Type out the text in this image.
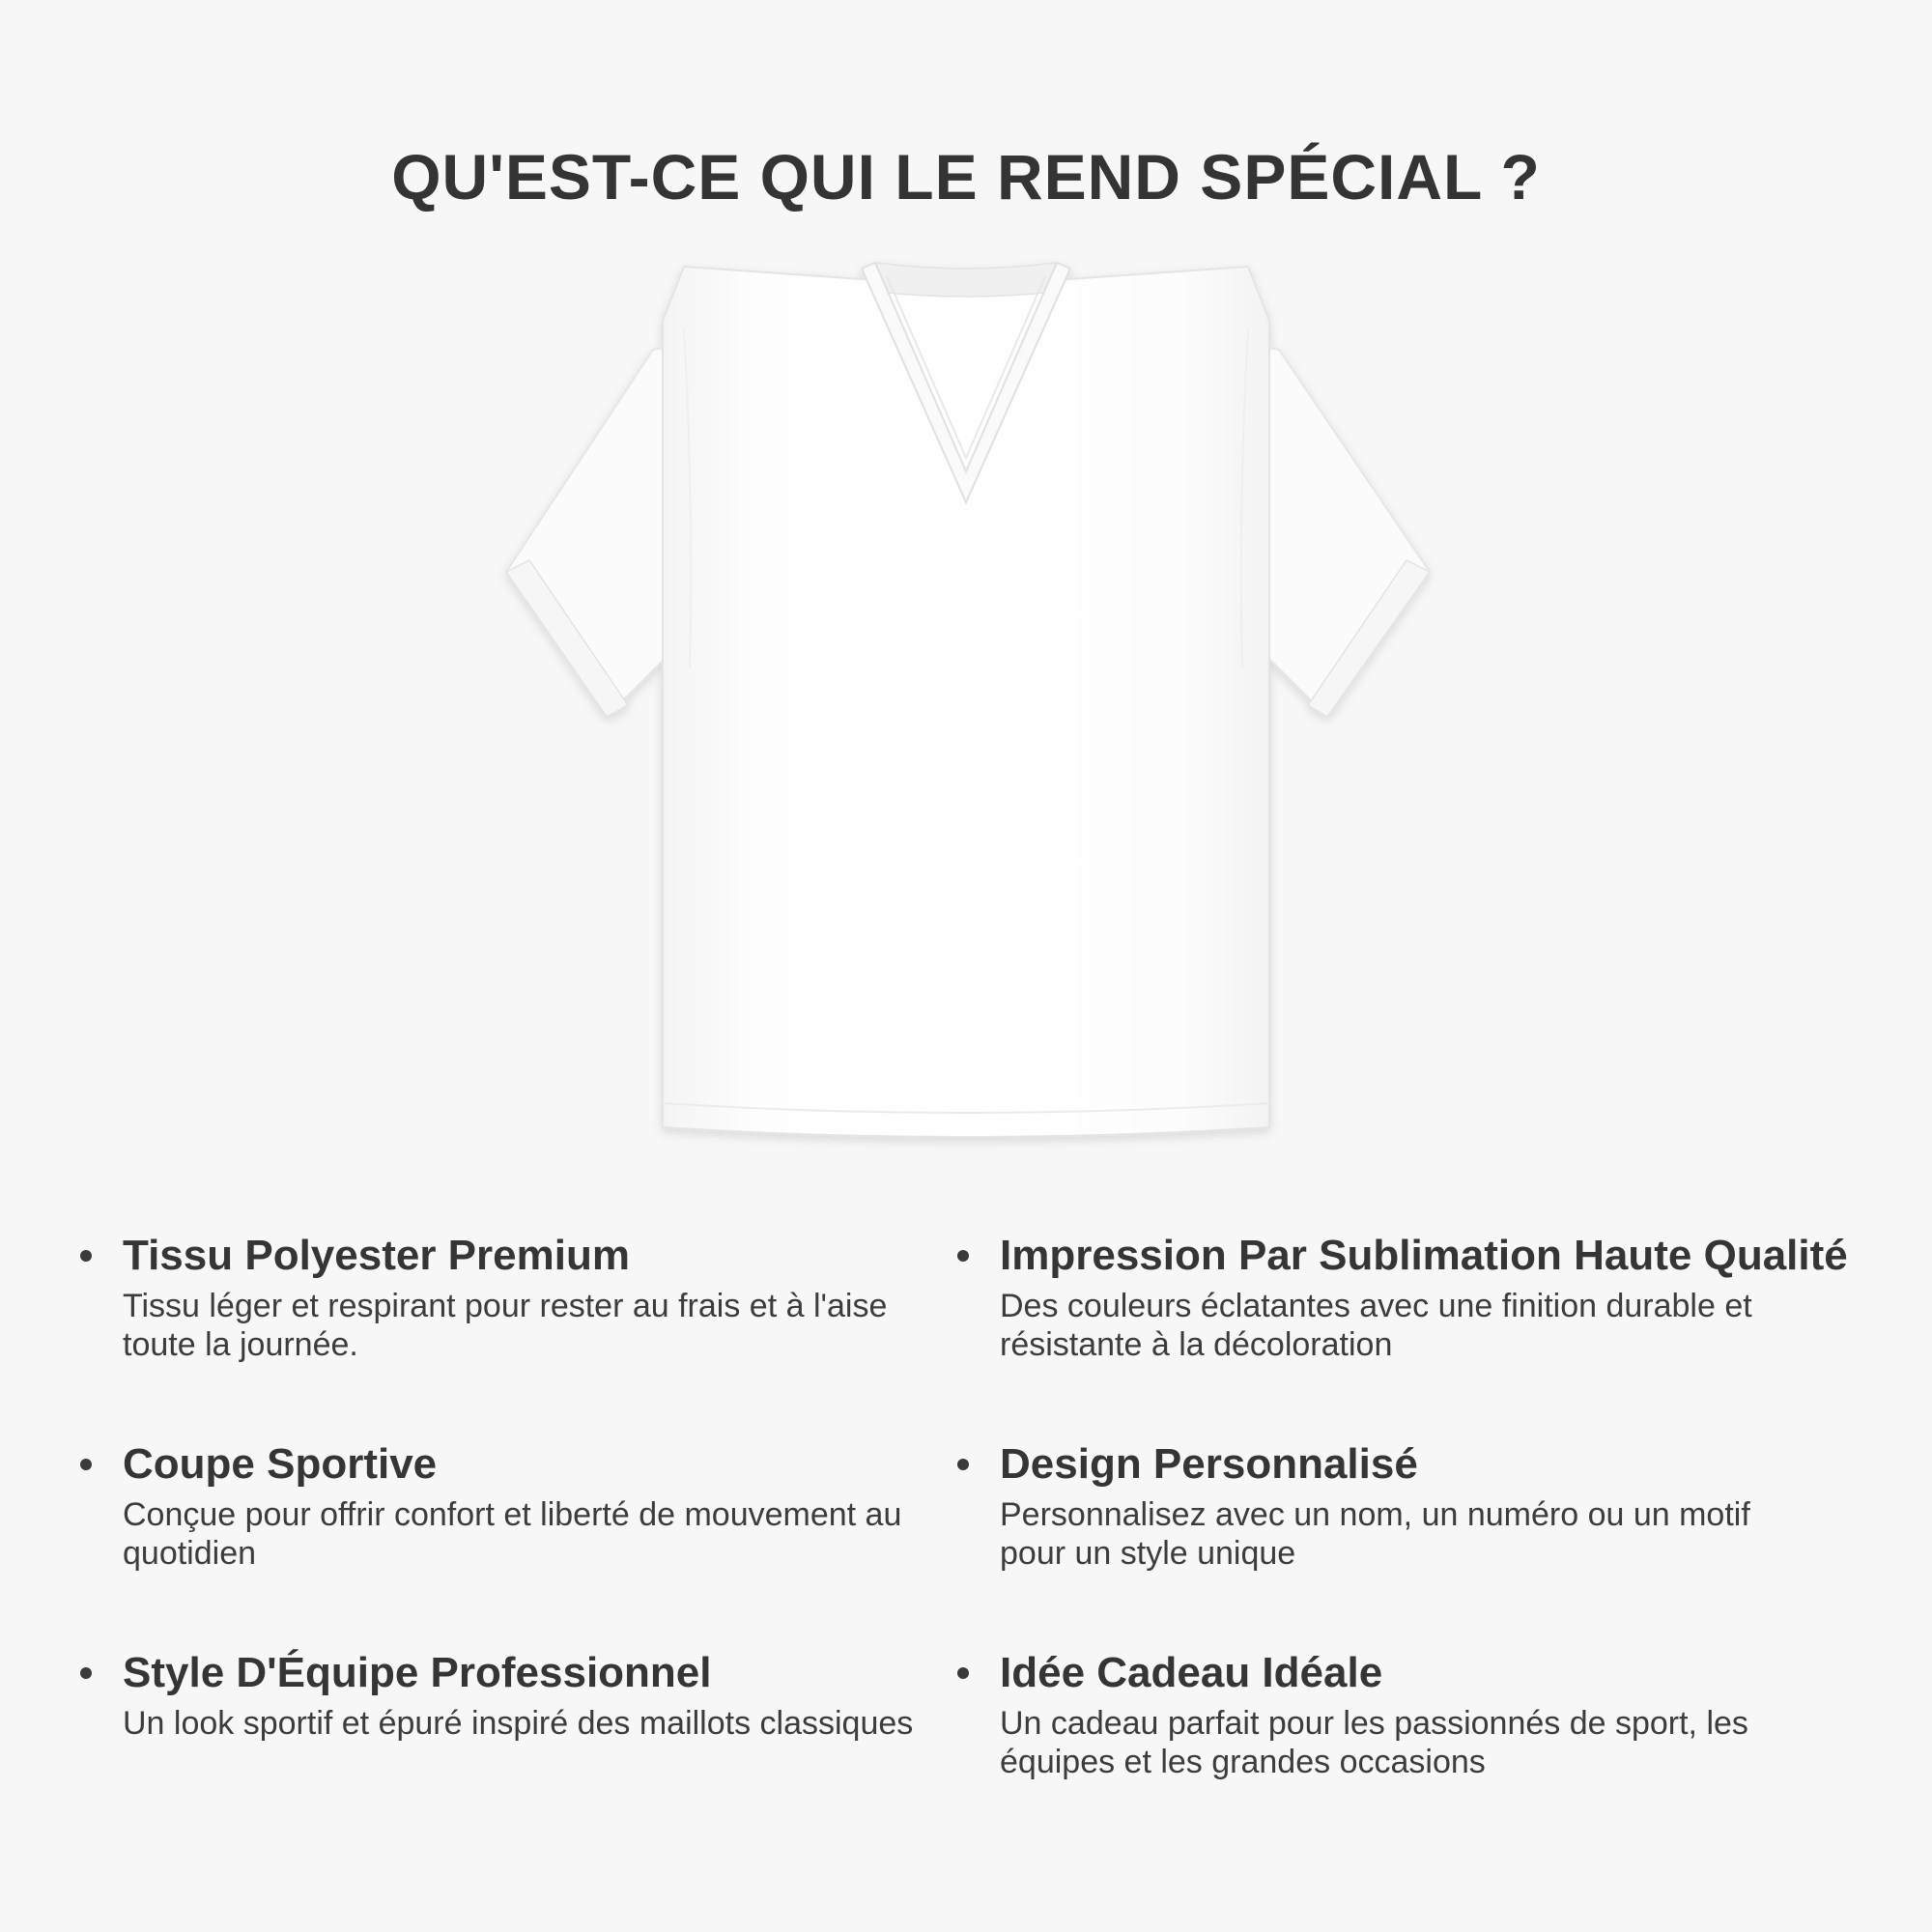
QU'EST-CE QUI LE REND SPÉCIAL ?
Tissu Polyester Premium

Tissu léger et respirant pour rester au frais et à l'aise toute la journée.

Impression Par Sublimation Haute Qualité

Des couleurs éclatantes avec une finition durable et résistante à la décoloration

Coupe Sportive

Conçue pour offrir confort et liberté de mouvement au quotidien

Design Personnalisé

Personnalisez avec un nom, un numéro ou un motif pour un style unique

Style D'Équipe Professionnel

Un look sportif et épuré inspiré des maillots classiques

Idée Cadeau Idéale

Un cadeau parfait pour les passionnés de sport, les équipes et les grandes occasions
